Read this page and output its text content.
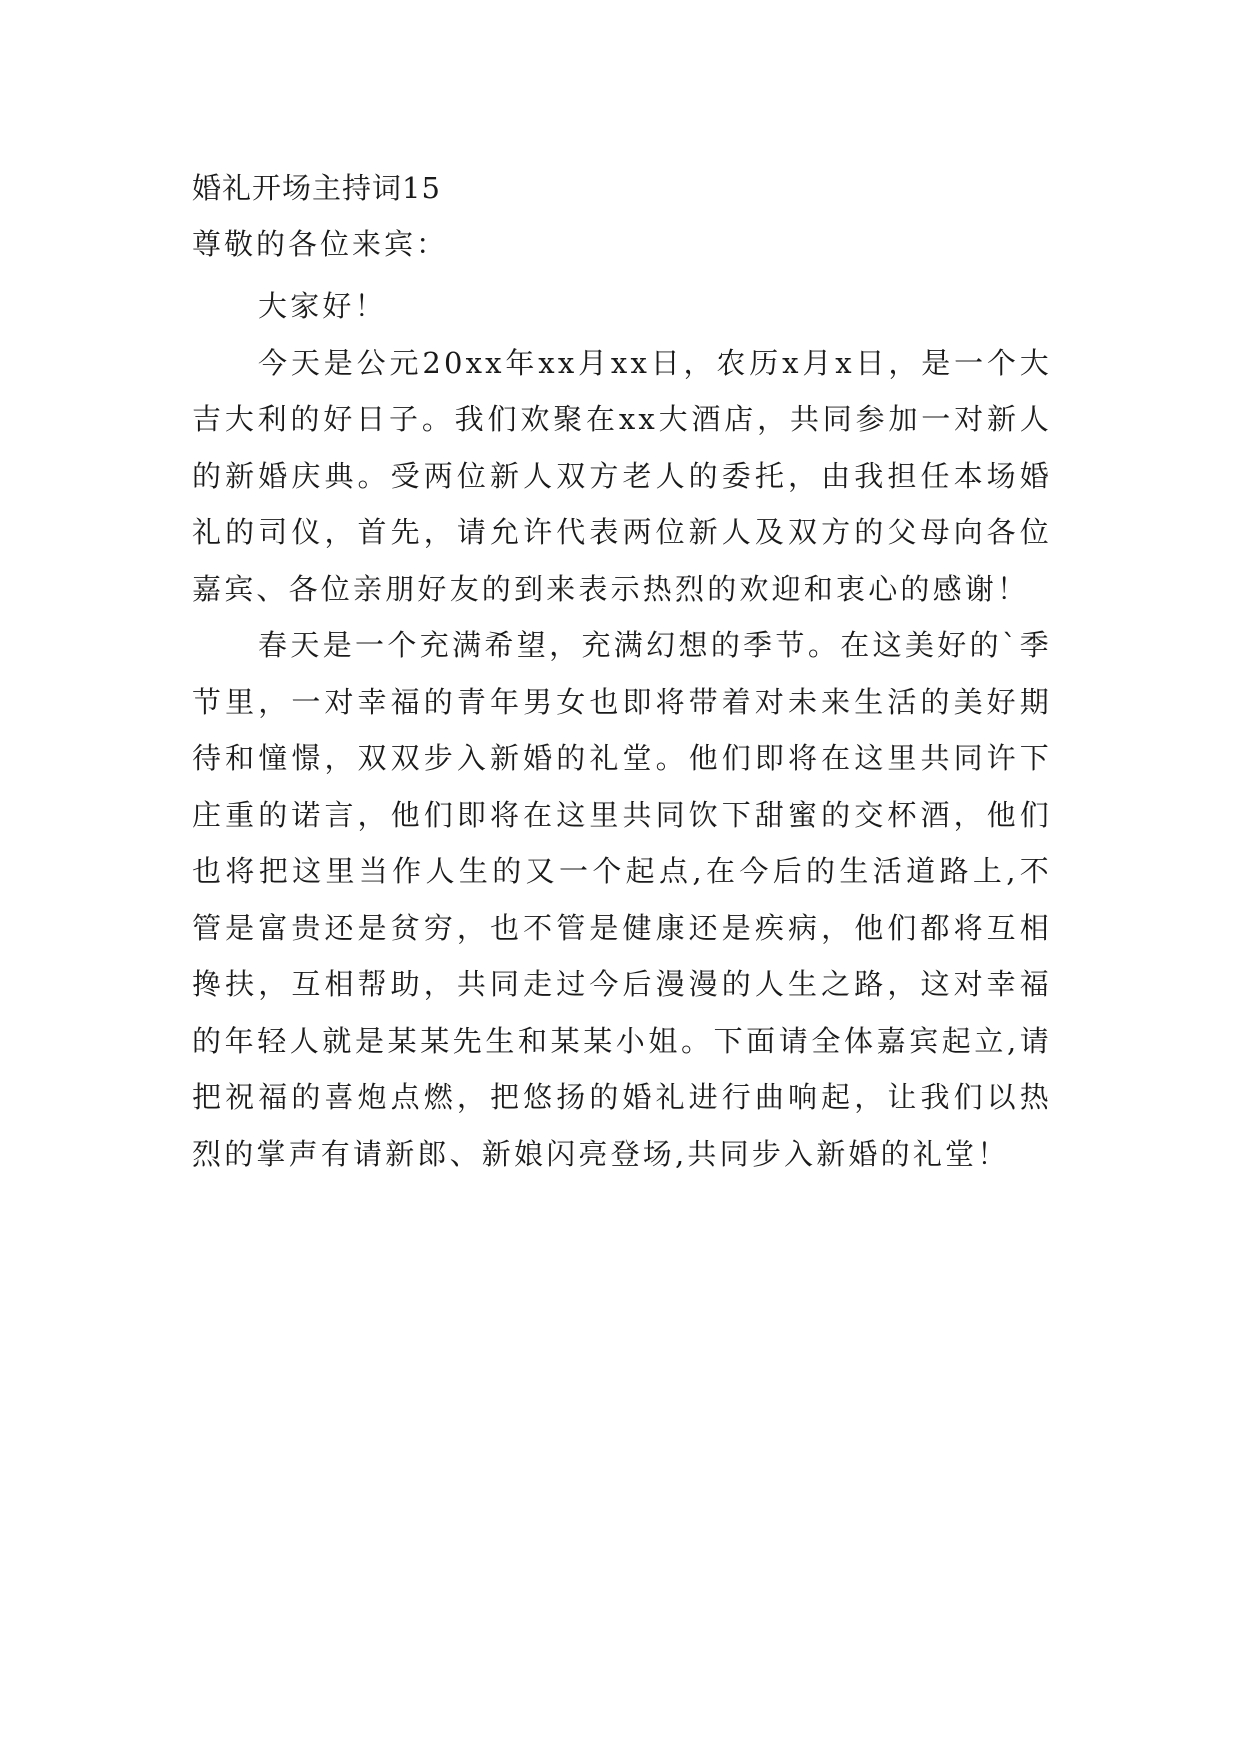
婚礼开场主持词15
尊敬的各位来宾：

大家好！

今天是公元20xx年xx月xx日，农历x月x日，是一个大吉大利的好日子。我们欢聚在xx大酒店，共同参加一对新人的新婚庆典。受两位新人双方老人的委托，由我担任本场婚礼的司仪，首先，请允许代表两位新人及双方的父母向各位嘉宾、各位亲朋好友的到来表示热烈的欢迎和衷心的感谢！

春天是一个充满希望，充满幻想的季节。在这美好的`季节里，一对幸福的青年男女也即将带着对未来生活的美好期待和憧憬，双双步入新婚的礼堂。他们即将在这里共同许下庄重的诺言，他们即将在这里共同饮下甜蜜的交杯酒，他们也将把这里当作人生的又一个起点,在今后的生活道路上,不管是富贵还是贫穷，也不管是健康还是疾病，他们都将互相搀扶，互相帮助，共同走过今后漫漫的人生之路，这对幸福的年轻人就是某某先生和某某小姐。下面请全体嘉宾起立,请把祝福的喜炮点燃，把悠扬的婚礼进行曲响起，让我们以热烈的掌声有请新郎、新娘闪亮登场,共同步入新婚的礼堂！
